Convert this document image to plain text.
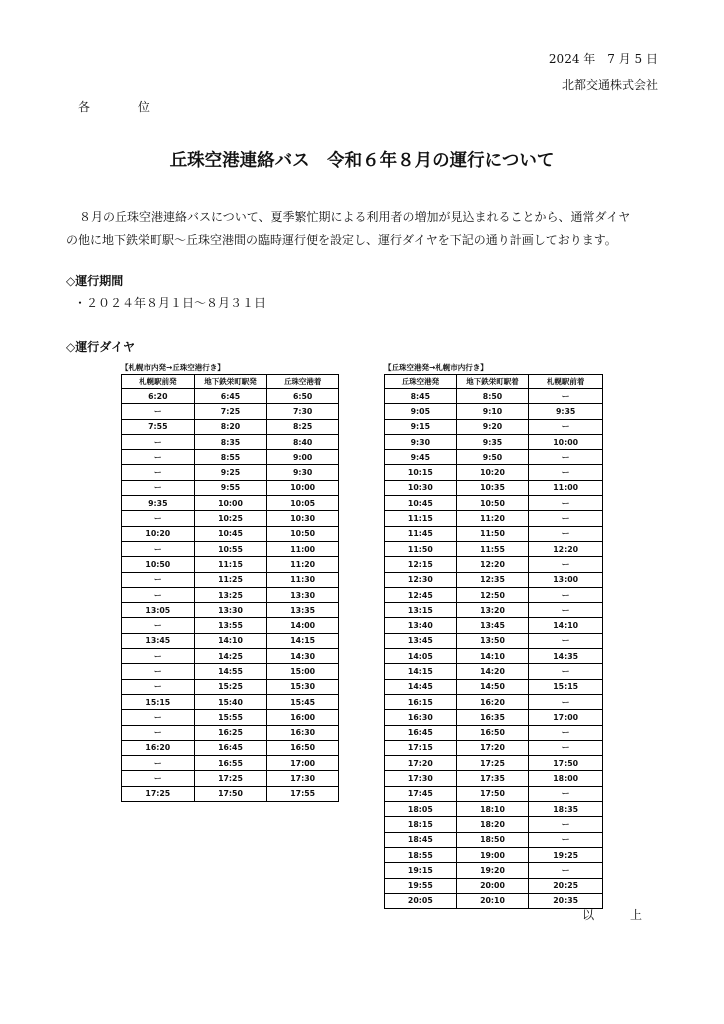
2024 年　7 月 5 日
北都交通株式会社
各 位
丘珠空港連絡バス　令和６年８月の運行について

８月の丘珠空港連絡バスについて、夏季繁忙期による利用者の増加が見込まれることから、通常ダイヤ

の他に地下鉄栄町駅～丘珠空港間の臨時運行便を設定し、運行ダイヤを下記の通り計画しております。
◇運行期間
・２０２４年８月１日～８月３１日
◇運行ダイヤ
【札幌市内発→丘珠空港行き】
札幌駅前発	地下鉄栄町駅発	丘珠空港着
6:20	6:45	6:50
ー	7:25	7:30
7:55	8:20	8:25
ー	8:35	8:40
ー	8:55	9:00
ー	9:25	9:30
ー	9:55	10:00
9:35	10:00	10:05
ー	10:25	10:30
10:20	10:45	10:50
ー	10:55	11:00
10:50	11:15	11:20
ー	11:25	11:30
ー	13:25	13:30
13:05	13:30	13:35
ー	13:55	14:00
13:45	14:10	14:15
ー	14:25	14:30
ー	14:55	15:00
ー	15:25	15:30
15:15	15:40	15:45
ー	15:55	16:00
ー	16:25	16:30
16:20	16:45	16:50
ー	16:55	17:00
ー	17:25	17:30
17:25	17:50	17:55
【丘珠空港発→札幌市内行き】
丘珠空港発	地下鉄栄町駅着	札幌駅前着
8:45	8:50	ー
9:05	9:10	9:35
9:15	9:20	ー
9:30	9:35	10:00
9:45	9:50	ー
10:15	10:20	ー
10:30	10:35	11:00
10:45	10:50	ー
11:15	11:20	ー
11:45	11:50	ー
11:50	11:55	12:20
12:15	12:20	ー
12:30	12:35	13:00
12:45	12:50	ー
13:15	13:20	ー
13:40	13:45	14:10
13:45	13:50	ー
14:05	14:10	14:35
14:15	14:20	ー
14:45	14:50	15:15
16:15	16:20	ー
16:30	16:35	17:00
16:45	16:50	ー
17:15	17:20	ー
17:20	17:25	17:50
17:30	17:35	18:00
17:45	17:50	ー
18:05	18:10	18:35
18:15	18:20	ー
18:45	18:50	ー
18:55	19:00	19:25
19:15	19:20	ー
19:55	20:00	20:25
20:05	20:10	20:35
以 上
